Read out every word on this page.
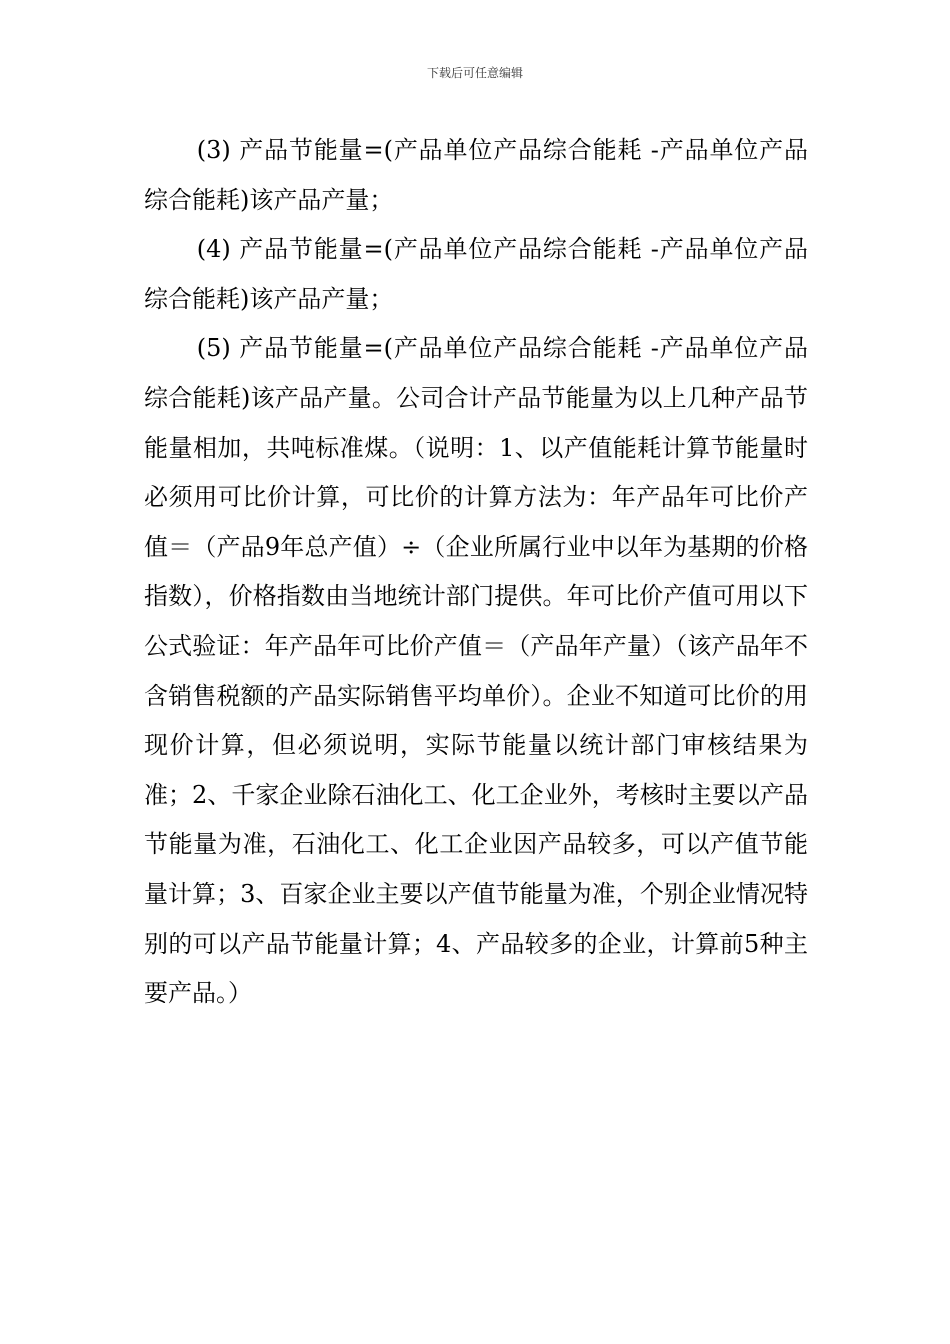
下载后可任意编辑

(3) 产品节能量=(产品单位产品综合能耗 -产品单位产品综合能耗)该产品产量；

(4) 产品节能量=(产品单位产品综合能耗 -产品单位产品综合能耗)该产品产量；

(5) 产品节能量=(产品单位产品综合能耗 -产品单位产品综合能耗)该产品产量。公司合计产品节能量为以上几种产品节能量相加，共吨标准煤。（说明：1、以产值能耗计算节能量时必须用可比价计算，可比价的计算方法为：年产品年可比价产值＝（产品9年总产值）÷（企业所属行业中以年为基期的价格指数），价格指数由当地统计部门提供。年可比价产值可用以下公式验证：年产品年可比价产值＝（产品年产量）（该产品年不含销售税额的产品实际销售平均单价）。企业不知道可比价的用现价计算，但必须说明，实际节能量以统计部门审核结果为准；2、千家企业除石油化工、化工企业外，考核时主要以产品节能量为准，石油化工、化工企业因产品较多，可以产值节能量计算；3、百家企业主要以产值节能量为准，个别企业情况特别的可以产品节能量计算；4、产品较多的企业，计算前5种主要产品。）
